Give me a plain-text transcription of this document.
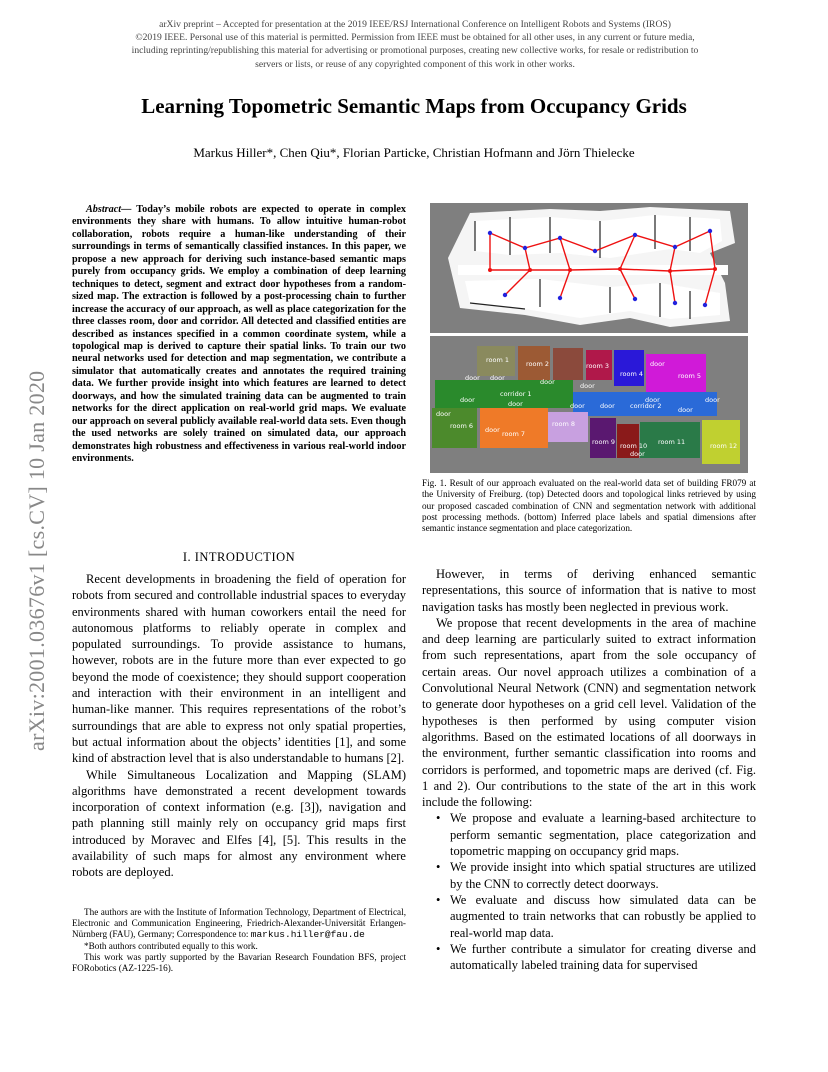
arXiv preprint – Accepted for presentation at the 2019 IEEE/RSJ International Conference on Intelligent Robots and Systems (IROS)
©2019 IEEE. Personal use of this material is permitted. Permission from IEEE must be obtained for all other uses, in any current or future media,
including reprinting/republishing this material for advertising or promotional purposes, creating new collective works, for resale or redistribution to
servers or lists, or reuse of any copyrighted component of this work in other works.
Learning Topometric Semantic Maps from Occupancy Grids
Markus Hiller*, Chen Qiu*, Florian Particke, Christian Hofmann and Jörn Thielecke
arXiv:2001.03676v1 [cs.CV] 10 Jan 2020
Abstract— Today’s mobile robots are expected to operate in complex environments they share with humans. To allow intuitive human-robot collaboration, robots require a human-like understanding of their surroundings in terms of semantically classified instances. In this paper, we propose a new approach for deriving such instance-based semantic maps purely from occupancy grids. We employ a combination of deep learning techniques to detect, segment and extract door hypotheses from a random-sized map. The extraction is followed by a post-processing chain to further increase the accuracy of our approach, as well as place categorization for the three classes room, door and corridor. All detected and classified entities are described as instances specified in a common coordinate system, while a topological map is derived to capture their spatial links. To train our two neural networks used for detection and map segmentation, we contribute a simulator that automatically creates and annotates the required training data. We further provide insight into which features are learned to detect doorways, and how the simulated training data can be augmented to train networks for the direct application on real-world grid maps. We evaluate our approach on several publicly available real-world data sets. Even though the used networks are solely trained on simulated data, our approach demonstrates high robustness and effectiveness in various real-world indoor environments.
I. INTRODUCTION

Recent developments in broadening the field of operation for robots from secured and controllable industrial spaces to everyday environments shared with human coworkers entail the need for autonomous platforms to reliably operate in complex and populated surroundings. To provide assistance to humans, however, robots are in the future more than ever expected to go beyond the mode of coexistence; they should support cooperation and interaction with their environment in an intelligent and human-like manner. This requires representations of the robot’s surroundings that are able to express not only spatial properties, but actual information about the objects’ identities [1], and some kind of abstraction level that is also understandable to humans [2].

While Simultaneous Localization and Mapping (SLAM) algorithms have demonstrated a recent development towards incorporation of context information (e.g. [3]), navigation and path planning still mainly rely on occupancy grid maps first introduced by Moravec and Elfes [4], [5]. This results in the availability of such maps for almost any environment where robots are deployed.

The authors are with the Institute of Information Technology, Department of Electrical, Electronic and Communication Engineering, Friedrich-Alexander-Universität Erlangen-Nürnberg (FAU), Germany; Correspondence to: markus.hiller@fau.de

*Both authors contributed equally to this work.

This work was partly supported by the Bavarian Research Foundation BFS, project FORobotics (AZ-1225-16).

room 1	room 2	room 3
room 4
door
room 5
corridor 1
corridor 2
room 6
room 7
room 8
room 9 room 10 room 11	room 12
door door	door	door
door	door	door door
door
door
door
door
door
door
Fig. 1. Result of our approach evaluated on the real-world data set of building FR079 at the University of Freiburg. (top) Detected doors and topological links retrieved by using our proposed cascaded combination of CNN and segmentation network with additional post processing methods. (bottom) Inferred place labels and spatial dimensions after semantic instance segmentation and place categorization.

However, in terms of deriving enhanced semantic representations, this source of information that is native to most navigation tasks has mostly been neglected in previous work.

We propose that recent developments in the area of machine and deep learning are particularly suited to extract information from such representations, apart from the sole occupancy of certain areas. Our novel approach utilizes a combination of a Convolutional Neural Network (CNN) and segmentation network to generate door hypotheses on a grid cell level. Validation of the hypotheses is then performed by using computer vision algorithms. Based on the estimated locations of all doorways in the environment, further semantic classification into rooms and corridors is performed, and topometric maps are derived (cf. Fig. 1 and 2). Our contributions to the state of the art in this work include the following:

• We propose and evaluate a learning-based architecture to perform semantic segmentation, place categorization and topometric mapping on occupancy grid maps.
• We provide insight into which spatial structures are utilized by the CNN to correctly detect doorways.
• We evaluate and discuss how simulated data can be augmented to train networks that can robustly be applied to real-world map data.
• We further contribute a simulator for creating diverse and automatically labeled training data for supervised
